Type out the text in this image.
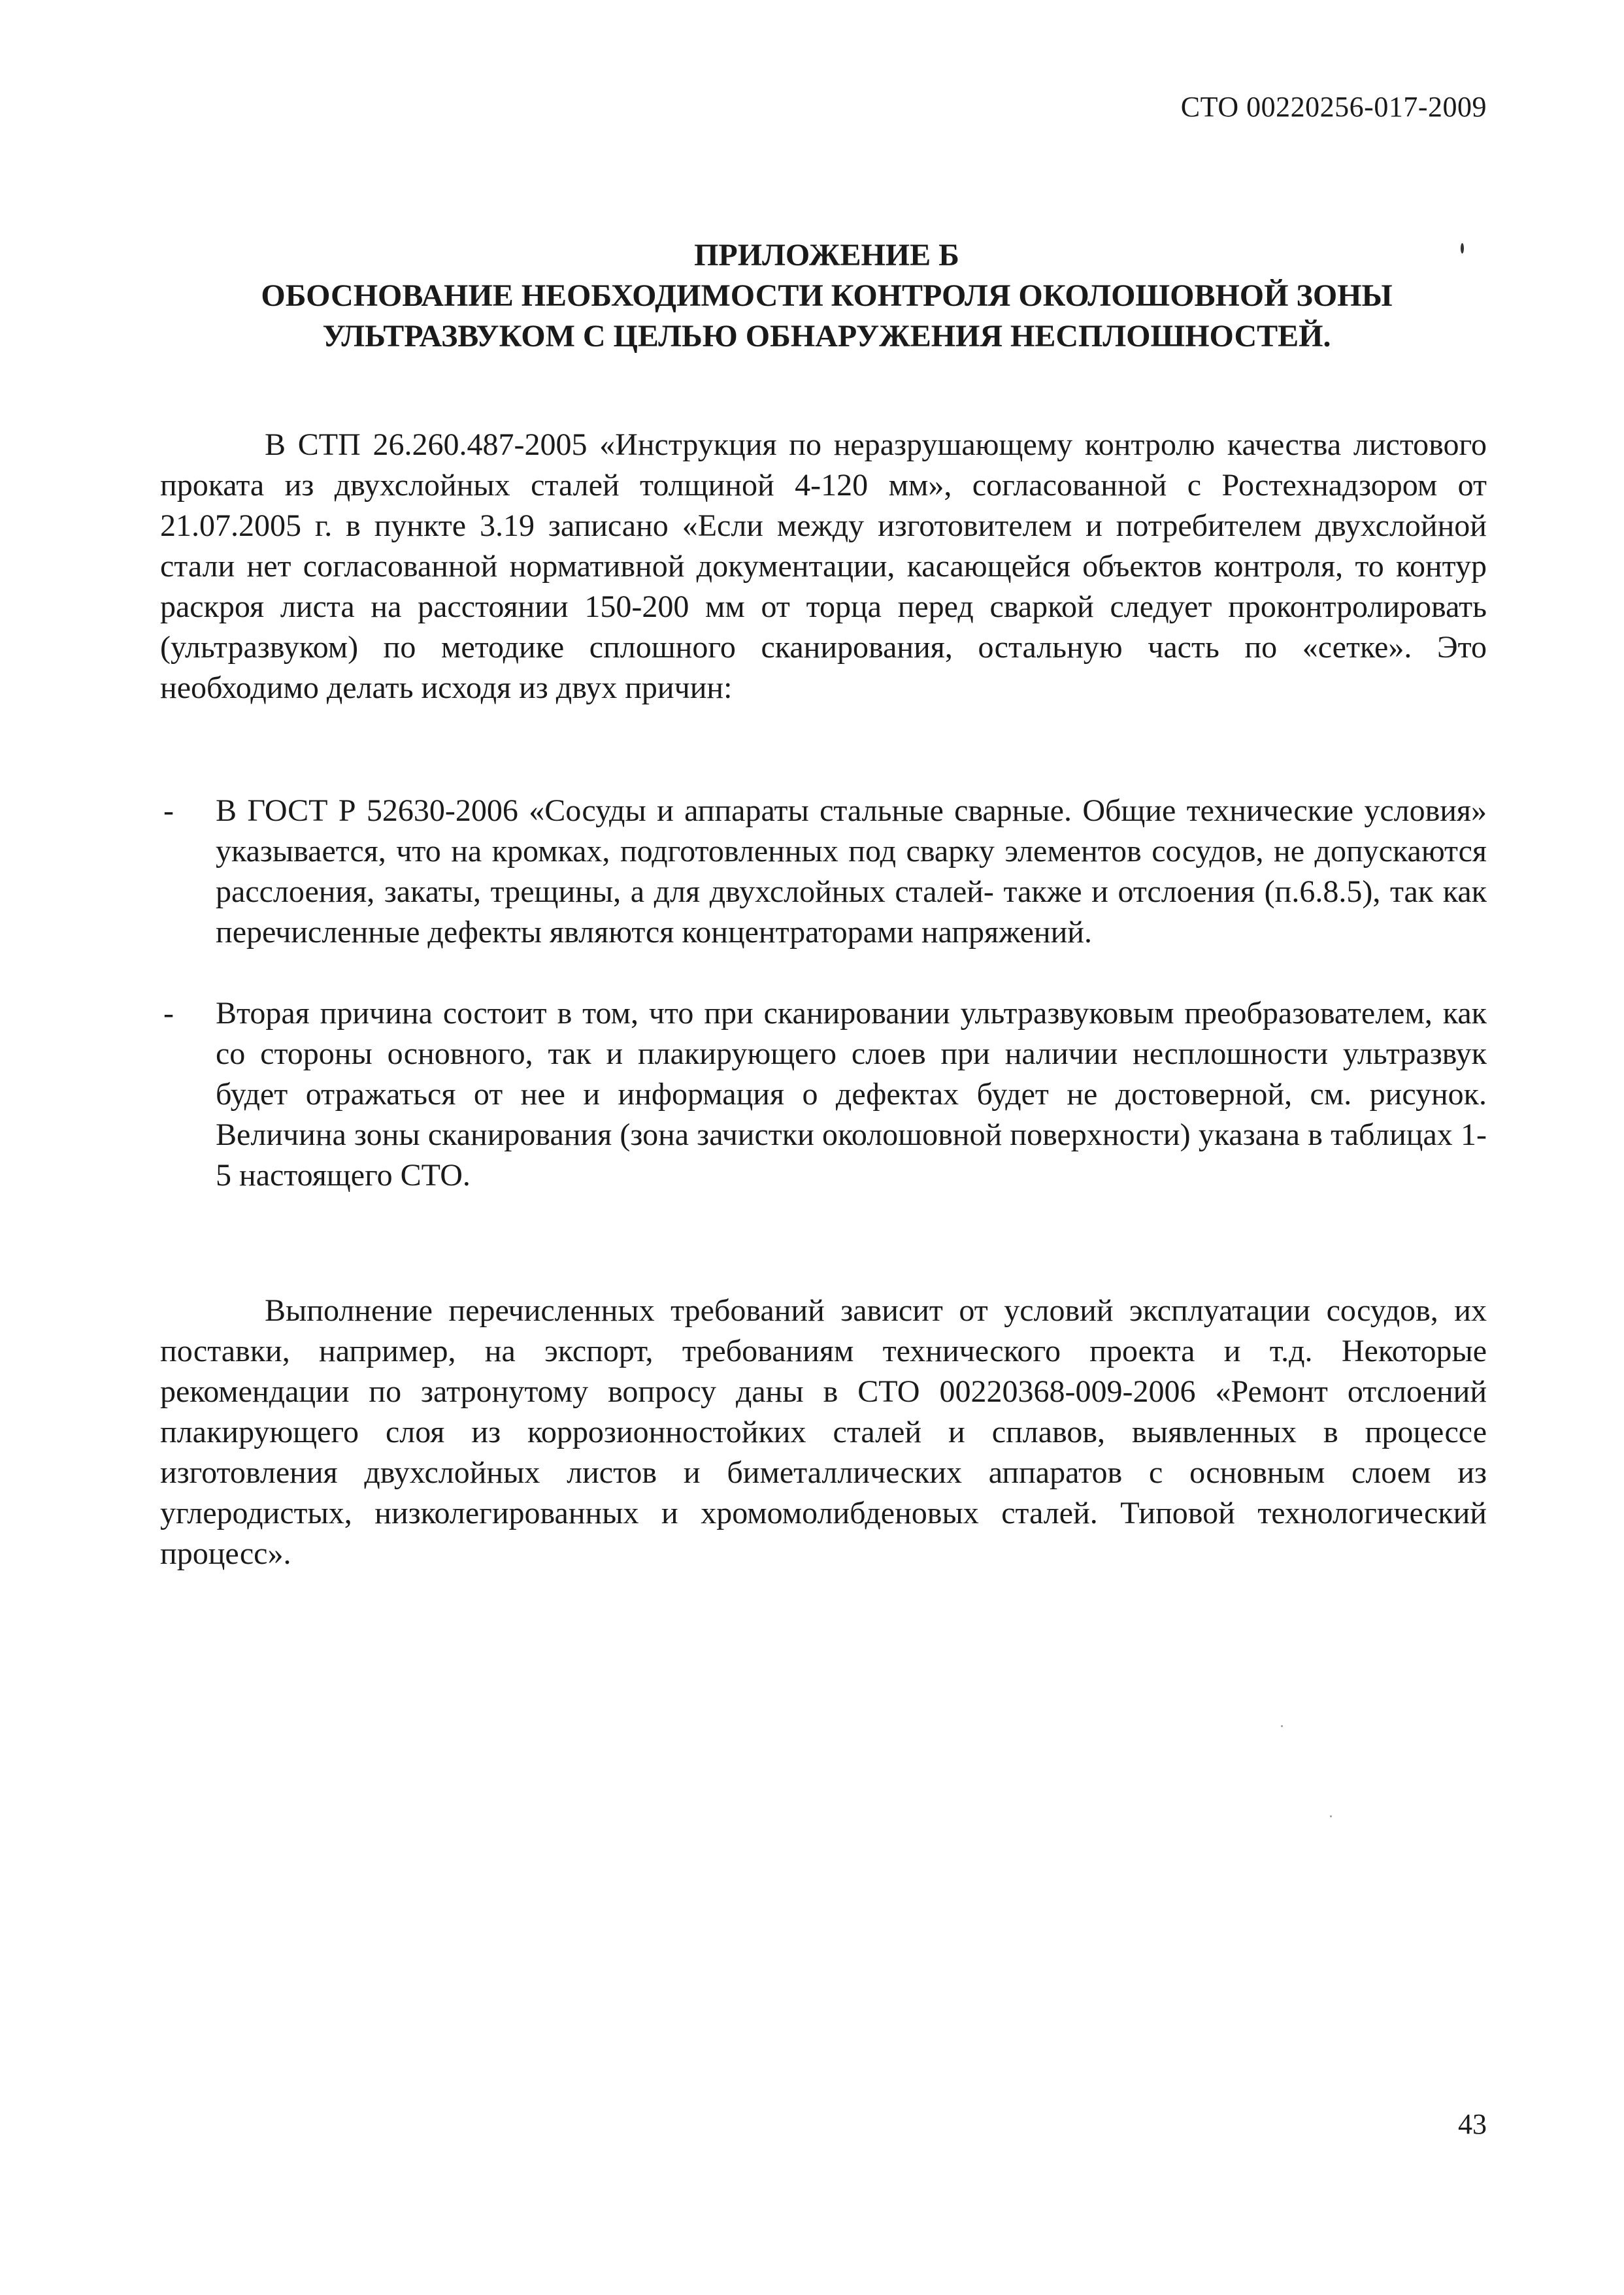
СТО 00220256-017-2009
ПРИЛОЖЕНИЕ Б
ОБОСНОВАНИЕ НЕОБХОДИМОСТИ КОНТРОЛЯ ОКОЛОШОВНОЙ ЗОНЫ
УЛЬТРАЗВУКОМ С ЦЕЛЬЮ ОБНАРУЖЕНИЯ НЕСПЛОШНОСТЕЙ.

В СТП 26.260.487-2005 «Инструкция по неразрушающему контролю качества листового проката из двухслойных сталей толщиной 4-120 мм», согласованной с Ростехнадзором от 21.07.2005 г. в пункте 3.19 записано «Если между изготовителем и потребителем двухслойной стали нет согласованной нормативной документации, касающейся объектов контроля, то контур раскроя листа на расстоянии 150-200 мм от торца перед сваркой следует проконтролировать (ультразвуком) по методике сплошного сканирования, остальную часть по «сетке». Это необходимо делать исходя из двух причин:

- В ГОСТ Р 52630-2006 «Сосуды и аппараты стальные сварные. Общие технические условия» указывается, что на кромках, подготовленных под сварку элементов сосудов, не допускаются расслоения, закаты, трещины, а для двухслойных сталей- также и отслоения (п.6.8.5), так как перечисленные дефекты являются концентраторами напряжений.
- Вторая причина состоит в том, что при сканировании ультразвуковым преобразователем, как со стороны основного, так и плакирующего слоев при наличии несплошности ультразвук будет отражаться от нее и информация о дефектах будет не достоверной, см. рисунок. Величина зоны сканирования (зона зачистки околошовной поверхности) указана в таблицах 1-5 настоящего СТО.

Выполнение перечисленных требований зависит от условий эксплуатации сосудов, их поставки, например, на экспорт, требованиям технического проекта и т.д. Некоторые рекомендации по затронутому вопросу даны в СТО 00220368-009-2006 «Ремонт отслоений плакирующего слоя из коррозионностойких сталей и сплавов, выявленных в процессе изготовления двухслойных листов и биметаллических аппаратов с основным слоем из углеродистых, низколегированных и хромомолибденовых сталей. Типовой технологический процесс».

43
